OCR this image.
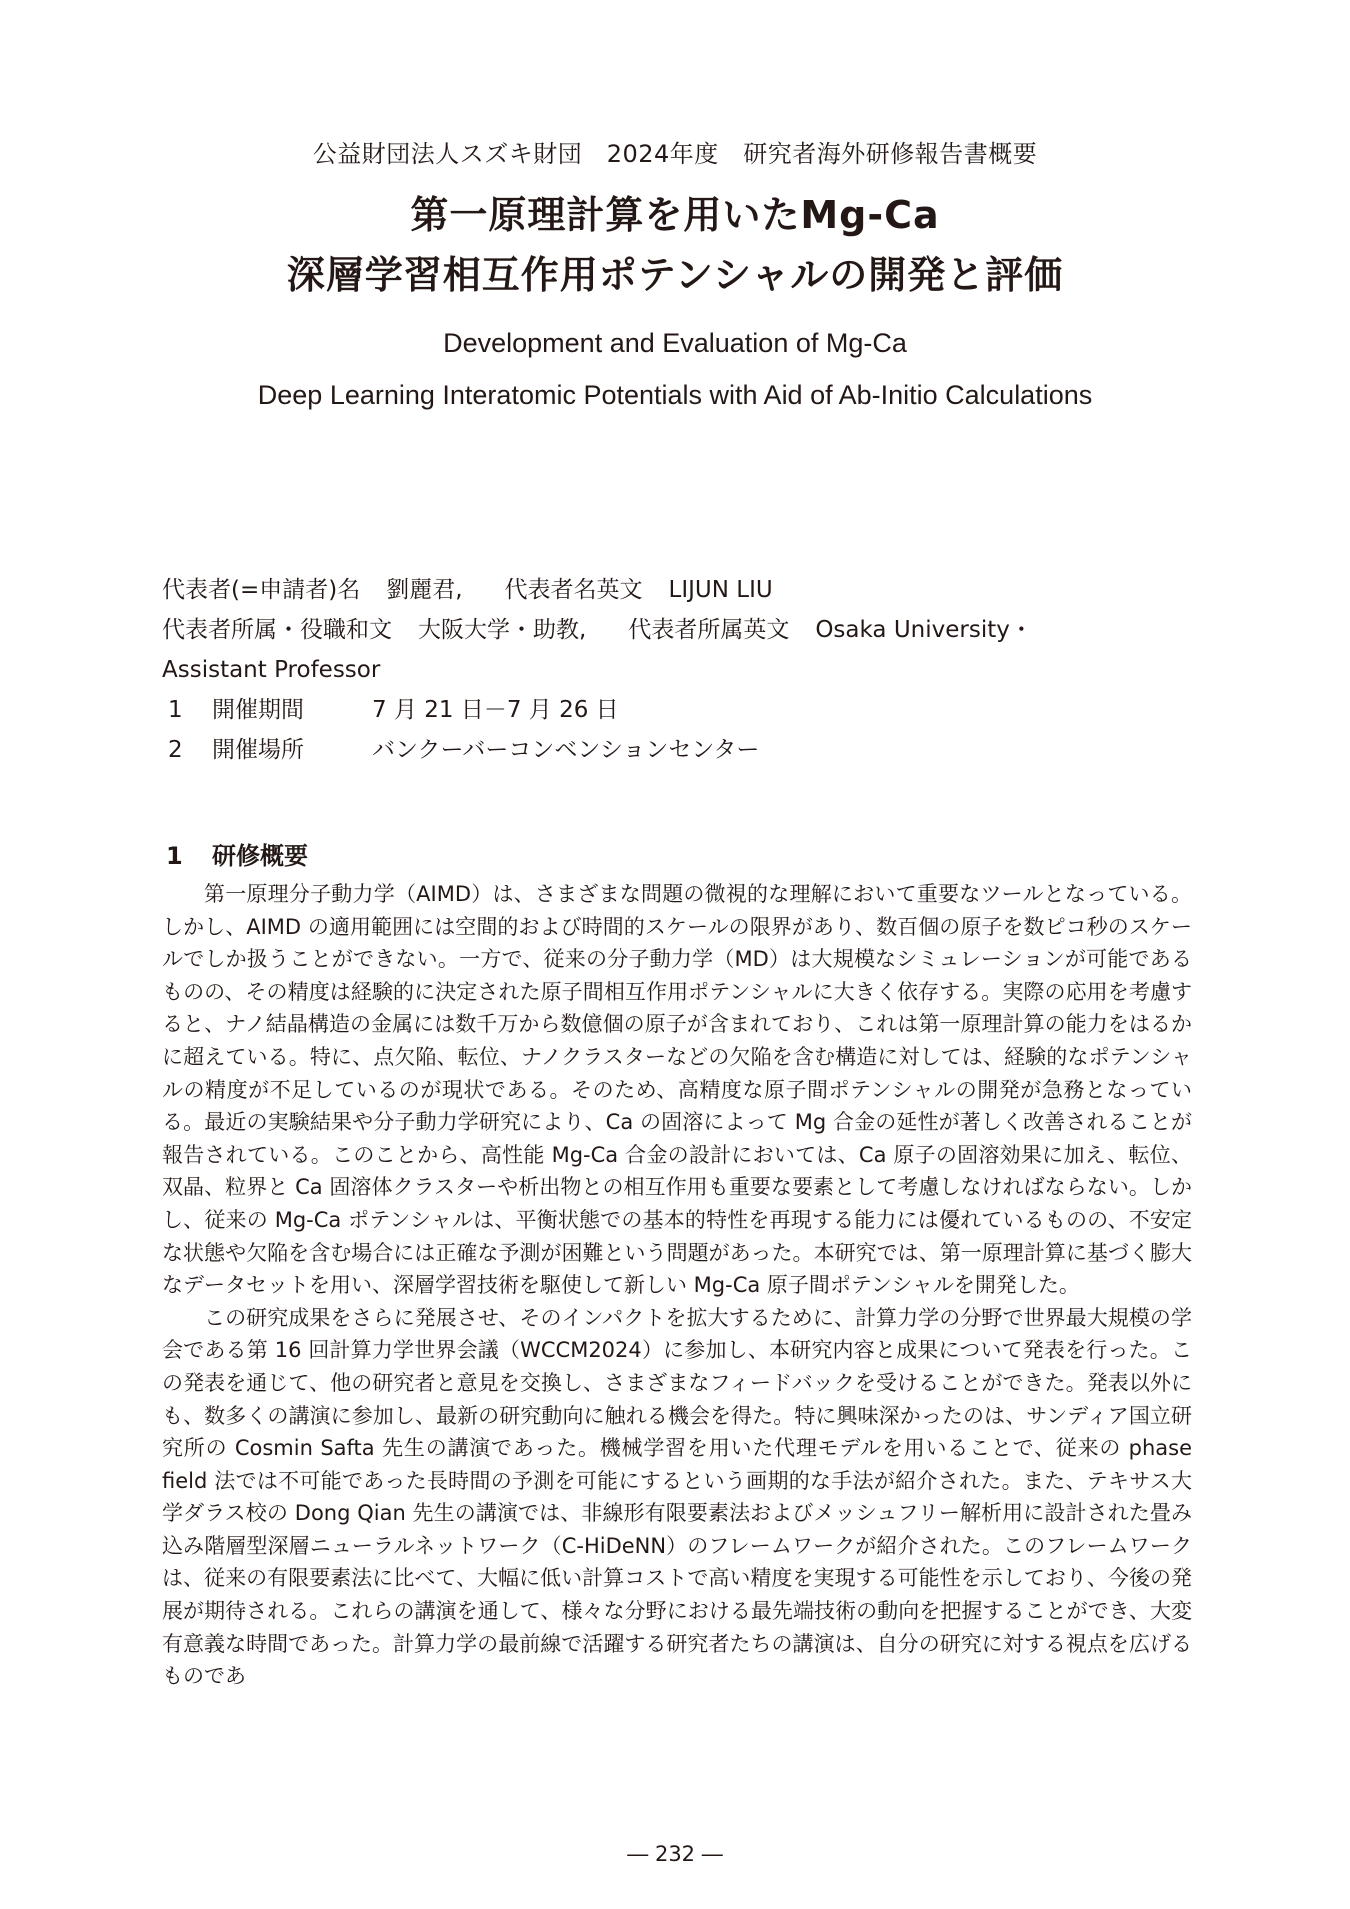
公益財団法人スズキ財団　2024年度　研究者海外研修報告書概要
第一原理計算を用いたMg-Ca
深層学習相互作用ポテンシャルの開発と評価
Development and Evaluation of Mg-Ca
Deep Learning Interatomic Potentials with Aid of Ab-Initio Calculations
代表者(=申請者)名 劉麗君, 代表者名英文 LIJUN LIU
代表者所属・役職和文 大阪大学・助教, 代表者所属英文 Osaka University・
Assistant Professor
1 開催期間	7 月 21 日－7 月 26 日
2 開催場所	バンクーバーコンベンションセンター
1 研修概要

第一原理分子動力学（AIMD）は、さまざまな問題の微視的な理解において重要なツールとなっている。しかし、AIMD の適用範囲には空間的および時間的スケールの限界があり、数百個の原子を数ピコ秒のスケールでしか扱うことができない。一方で、従来の分子動力学（MD）は大規模なシミュレーションが可能であるものの、その精度は経験的に決定された原子間相互作用ポテンシャルに大きく依存する。実際の応用を考慮すると、ナノ結晶構造の金属には数千万から数億個の原子が含まれており、これは第一原理計算の能力をはるかに超えている。特に、点欠陥、転位、ナノクラスターなどの欠陥を含む構造に対しては、経験的なポテンシャルの精度が不足しているのが現状である。そのため、高精度な原子間ポテンシャルの開発が急務となっている。最近の実験結果や分子動力学研究により、Ca の固溶によって Mg 合金の延性が著しく改善されることが報告されている。このことから、高性能 Mg-Ca 合金の設計においては、Ca 原子の固溶効果に加え、転位、双晶、粒界と Ca 固溶体クラスターや析出物との相互作用も重要な要素として考慮しなければならない。しかし、従来の Mg-Ca ポテンシャルは、平衡状態での基本的特性を再現する能力には優れているものの、不安定な状態や欠陥を含む場合には正確な予測が困難という問題があった。本研究では、第一原理計算に基づく膨大なデータセットを用い、深層学習技術を駆使して新しい Mg-Ca 原子間ポテンシャルを開発した。

この研究成果をさらに発展させ、そのインパクトを拡大するために、計算力学の分野で世界最大規模の学会である第 16 回計算力学世界会議（WCCM2024）に参加し、本研究内容と成果について発表を行った。この発表を通じて、他の研究者と意見を交換し、さまざまなフィードバックを受けることができた。発表以外にも、数多くの講演に参加し、最新の研究動向に触れる機会を得た。特に興味深かったのは、サンディア国立研究所の Cosmin Safta 先生の講演であった。機械学習を用いた代理モデルを用いることで、従来の phase field 法では不可能であった長時間の予測を可能にするという画期的な手法が紹介された。また、テキサス大学ダラス校の Dong Qian 先生の講演では、非線形有限要素法およびメッシュフリー解析用に設計された畳み込み階層型深層ニューラルネットワーク（C-HiDeNN）のフレームワークが紹介された。このフレームワークは、従来の有限要素法に比べて、大幅に低い計算コストで高い精度を実現する可能性を示しており、今後の発展が期待される。これらの講演を通して、様々な分野における最先端技術の動向を把握することができ、大変有意義な時間であった。計算力学の最前線で活躍する研究者たちの講演は、自分の研究に対する視点を広げるものであ

― 232 ―
